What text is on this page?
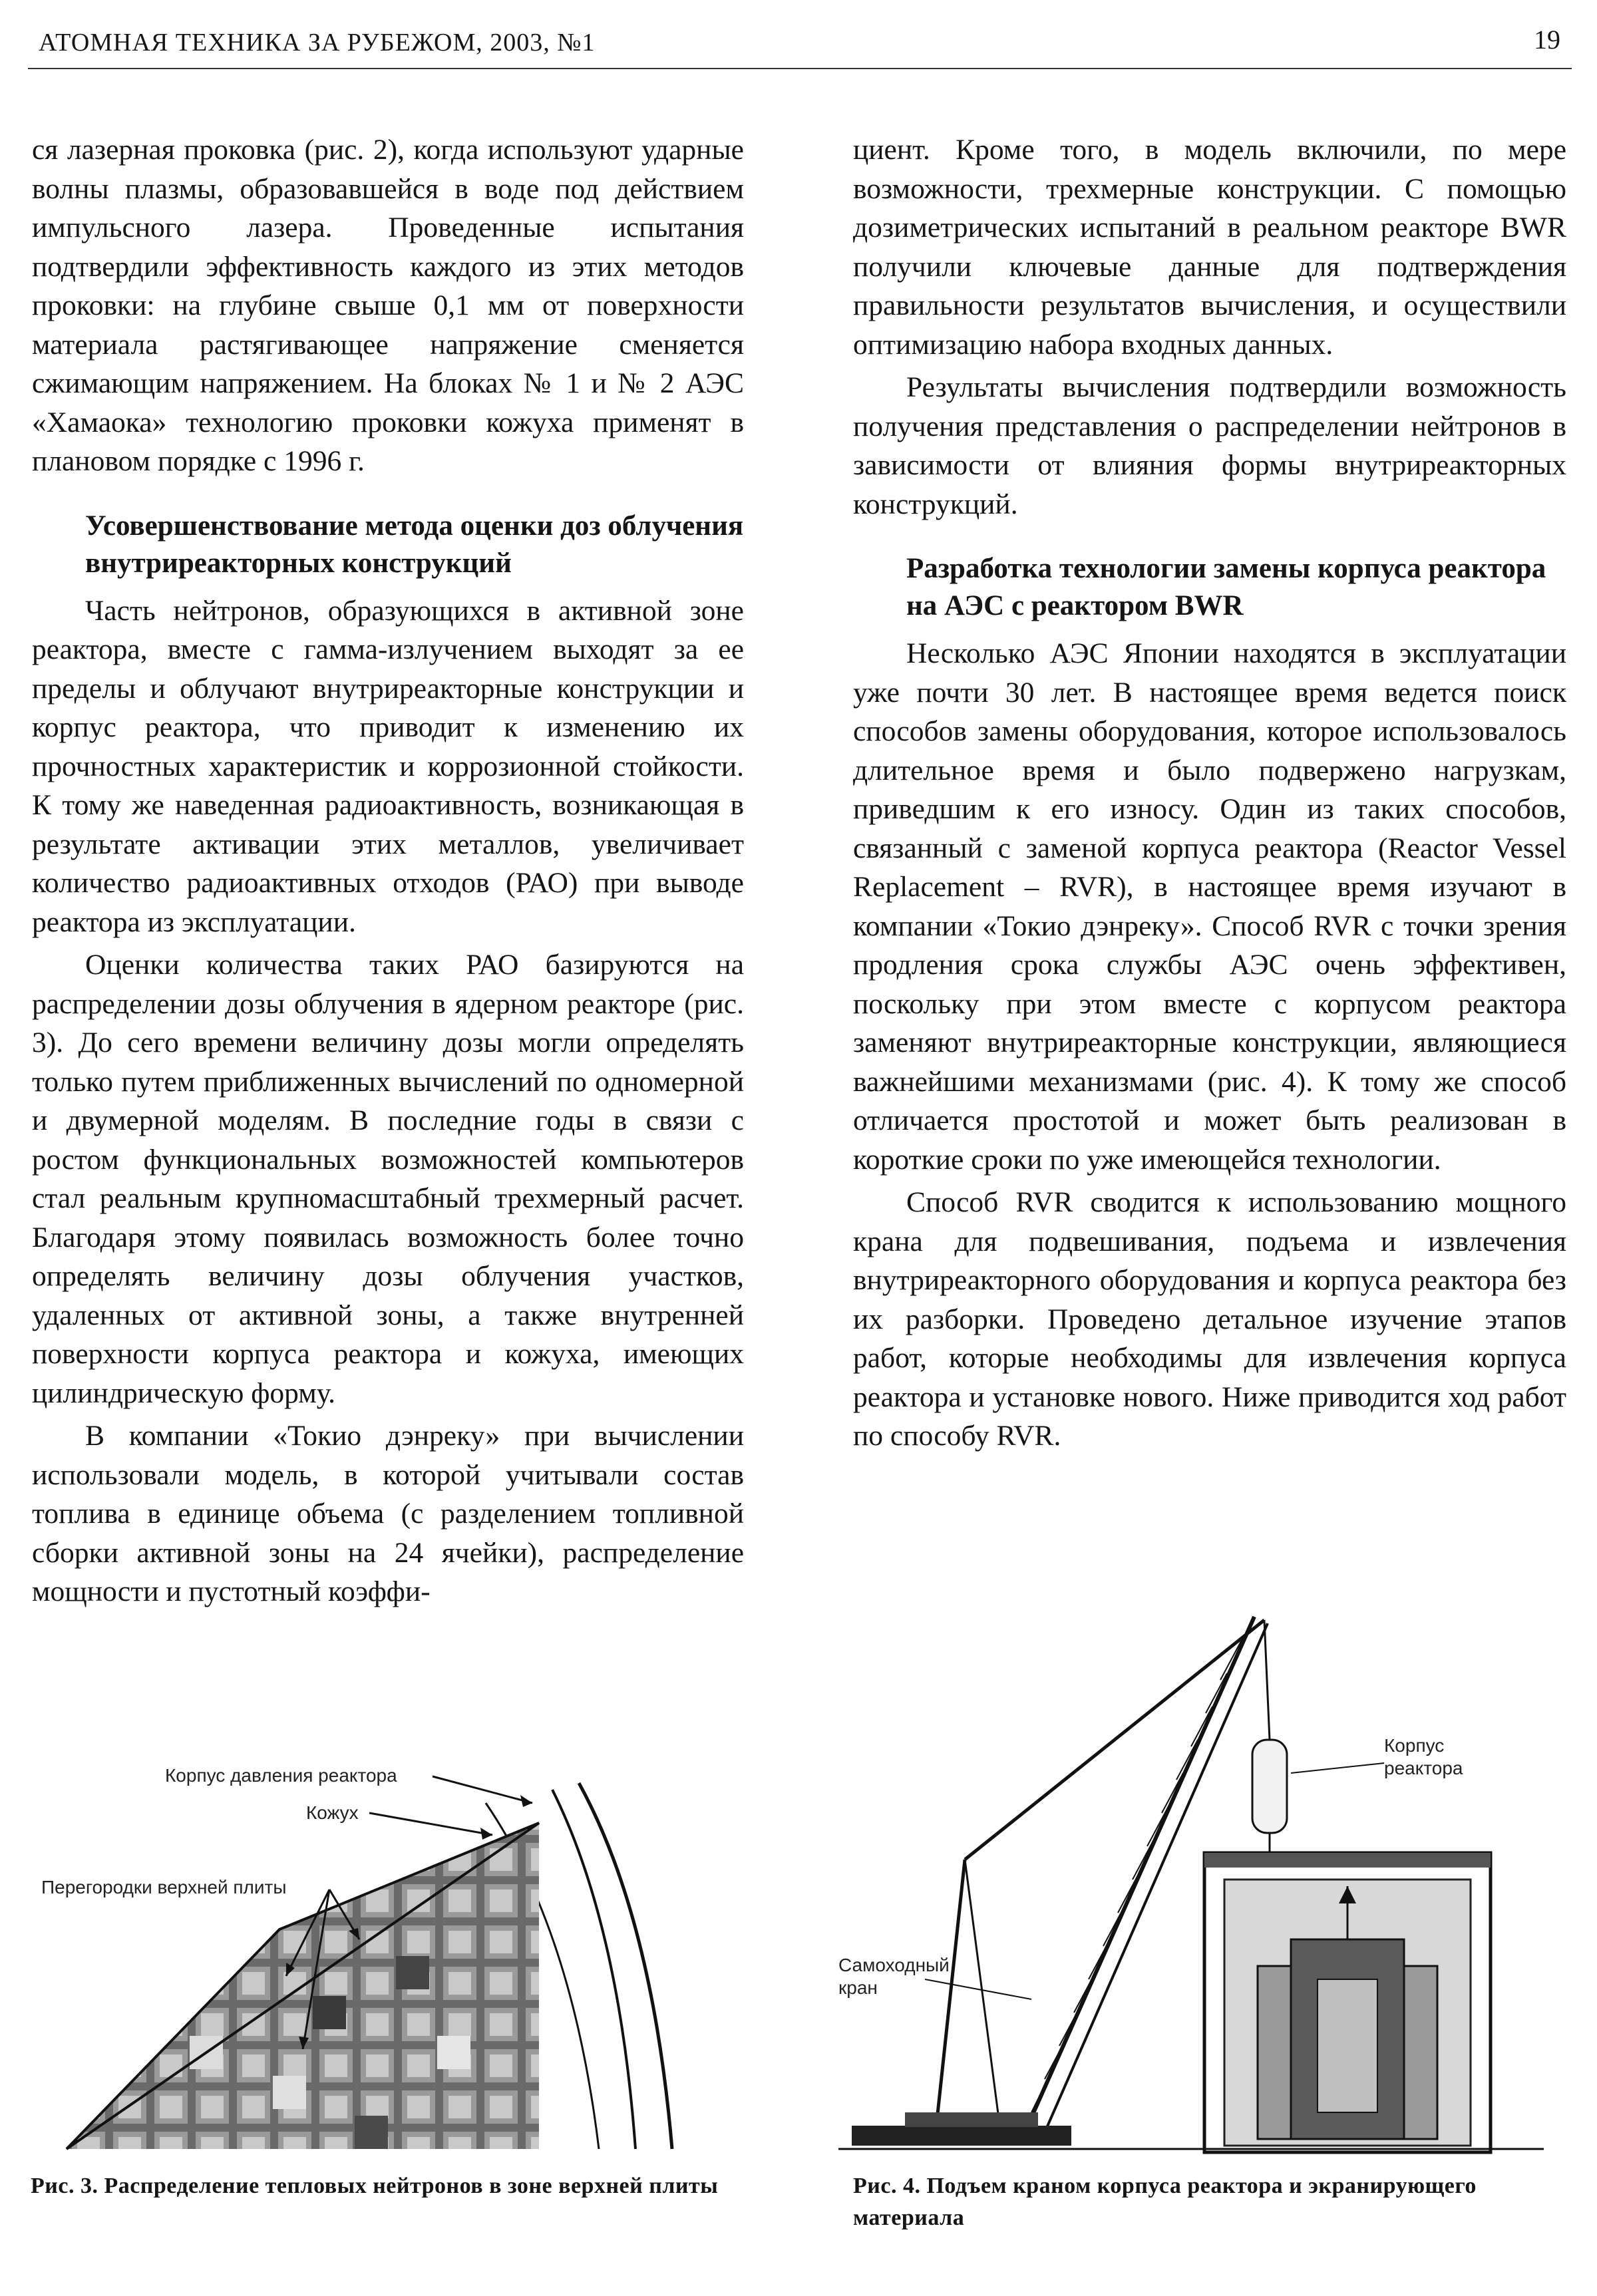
АТОМНАЯ ТЕХНИКА ЗА РУБЕЖОМ, 2003, №1	19

ся лазерная проковка (рис. 2), когда используют ударные волны плазмы, образовавшейся в воде под действием импульсного лазера. Проведенные испытания подтвердили эффективность каждого из этих методов проковки: на глубине свыше 0,1 мм от поверхности материала растягивающее напряжение сменяется сжимающим напряжением. На блоках № 1 и № 2 АЭС «Хамаока» технологию проковки кожуха применят в плановом порядке с 1996 г.

Усовершенствование метода оценки доз облучения внутриреакторных конструкций

Часть нейтронов, образующихся в активной зоне реактора, вместе с гамма-излучением выходят за ее пределы и облучают внутриреакторные конструкции и корпус реактора, что приводит к изменению их прочностных характеристик и коррозионной стойкости. К тому же наведенная радиоактивность, возникающая в результате активации этих металлов, увеличивает количество радиоактивных отходов (РАО) при выводе реактора из эксплуатации.

Оценки количества таких РАО базируются на распределении дозы облучения в ядерном реакторе (рис. 3). До сего времени величину дозы могли определять только путем приближенных вычислений по одномерной и двумерной моделям. В последние годы в связи с ростом функциональных возможностей компьютеров стал реальным крупномасштабный трехмерный расчет. Благодаря этому появилась возможность более точно определять величину дозы облучения участков, удаленных от активной зоны, а также внутренней поверхности корпуса реактора и кожуха, имеющих цилиндрическую форму.

В компании «Токио дэнреку» при вычислении использовали модель, в которой учитывали состав топлива в единице объема (с разделением топливной сборки активной зоны на 24 ячейки), распределение мощности и пустотный коэффи-

циент. Кроме того, в модель включили, по мере возможности, трехмерные конструкции. С помощью дозиметрических испытаний в реальном реакторе BWR получили ключевые данные для подтверждения правильности результатов вычисления, и осуществили оптимизацию набора входных данных.

Результаты вычисления подтвердили возможность получения представления о распределении нейтронов в зависимости от влияния формы внутриреакторных конструкций.

Разработка технологии замены корпуса реактора на АЭС с реактором BWR

Несколько АЭС Японии находятся в эксплуатации уже почти 30 лет. В настоящее время ведется поиск способов замены оборудования, которое использовалось длительное время и было подвержено нагрузкам, приведшим к его износу. Один из таких способов, связанный с заменой корпуса реактора (Reactor Vessel Replacement – RVR), в настоящее время изучают в компании «Токио дэнреку». Способ RVR с точки зрения продления срока службы АЭС очень эффективен, поскольку при этом вместе с корпусом реактора заменяют внутриреакторные конструкции, являющиеся важнейшими механизмами (рис. 4). К тому же способ отличается простотой и может быть реализован в короткие сроки по уже имеющейся технологии.

Способ RVR сводится к использованию мощного крана для подвешивания, подъема и извлечения внутриреакторного оборудования и корпуса реактора без их разборки. Проведено детальное изучение этапов работ, которые необходимы для извлечения корпуса реактора и установке нового. Ниже приводится ход работ по способу RVR.

Корпус давления реактора
Кожух
Перегородки верхней плиты
Рис. 3. Распределение тепловых нейтронов в зоне верхней плиты
Корпус
реактора
Самоходный
кран
Рис. 4. Подъем краном корпуса реактора и экранирующего материала
